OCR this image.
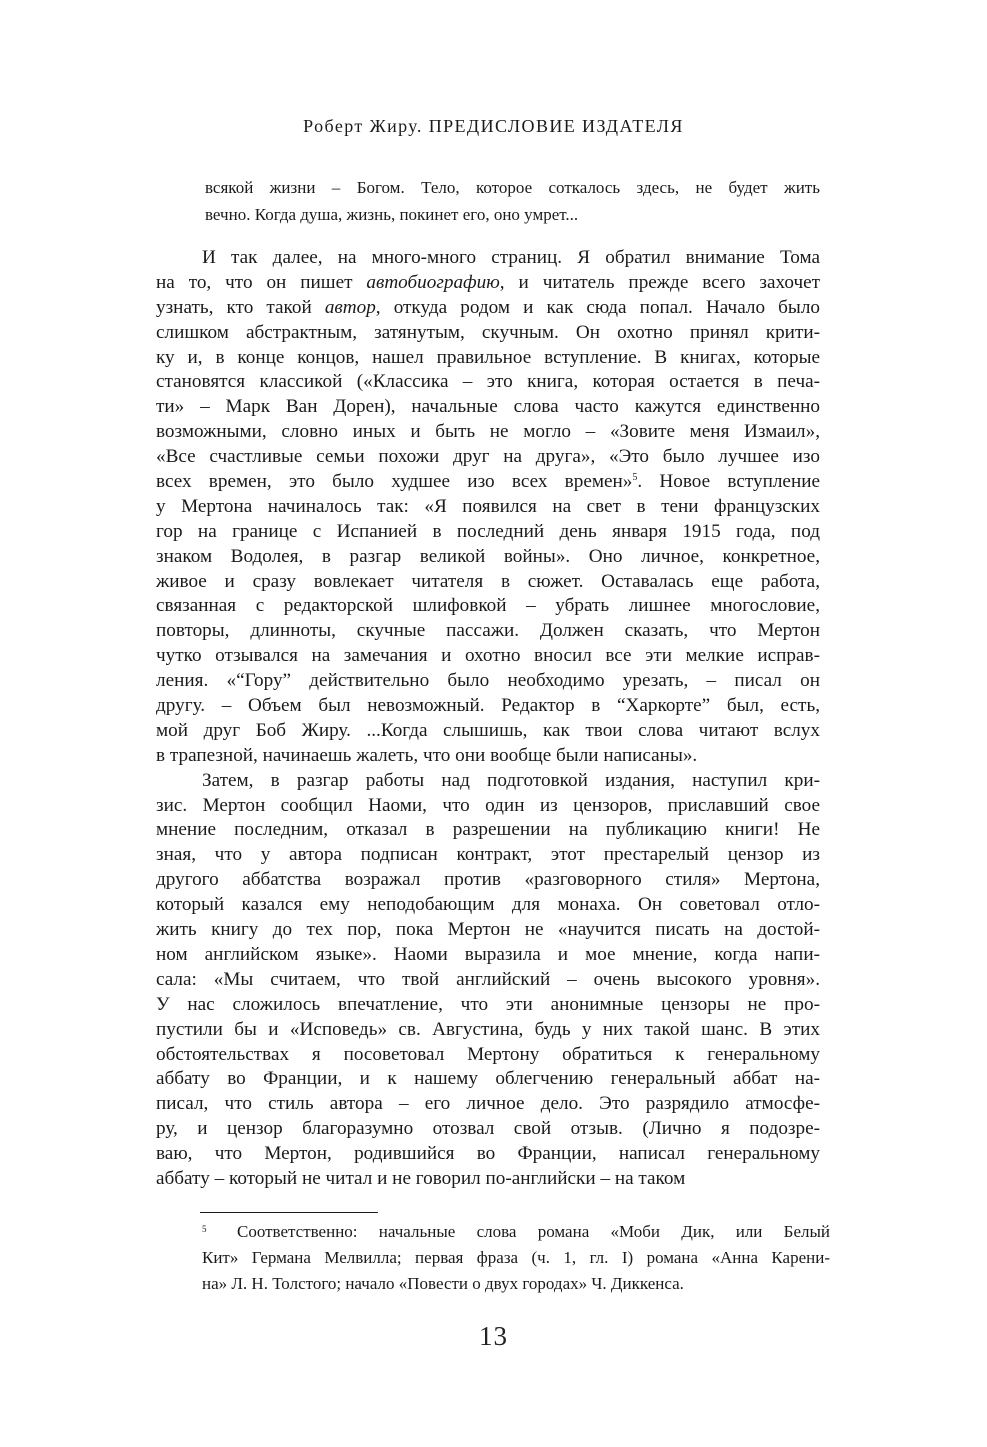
Роберт Жиру. ПРЕДИСЛОВИЕ ИЗДАТЕЛЯ
всякой жизни – Богом. Тело, которое соткалось здесь, не будет жить
вечно. Когда душа, жизнь, покинет его, оно умрет...
И так далее, на много-много страниц. Я обратил внимание Тома
на то, что он пишет автобиографию, и читатель прежде всего захочет
узнать, кто такой автор, откуда родом и как сюда попал. Начало было
слишком абстрактным, затянутым, скучным. Он охотно принял крити-
ку и, в конце концов, нашел правильное вступление. В книгах, которые
становятся классикой («Классика – это книга, которая остается в печа-
ти» – Марк Ван Дорен), начальные слова часто кажутся единственно
возможными, словно иных и быть не могло – «Зовите меня Измаил»,
«Все счастливые семьи похожи друг на друга», «Это было лучшее изо
всех времен, это было худшее изо всех времен»$^5$. Новое вступление
у Мертона начиналось так: «Я появился на свет в тени французских
гор на границе с Испанией в последний день января 1915 года, под
знаком Водолея, в разгар великой войны». Оно личное, конкретное,
живое и сразу вовлекает читателя в сюжет. Оставалась еще работа,
связанная с редакторской шлифовкой – убрать лишнее многословие,
повторы, длинноты, скучные пассажи. Должен сказать, что Мертон
чутко отзывался на замечания и охотно вносил все эти мелкие исправ-
ления. «“Гору” действительно было необходимо урезать, – писал он
другу. – Объем был невозможный. Редактор в “Харкорте” был, есть,
мой друг Боб Жиру. ...Когда слышишь, как твои слова читают вслух
в трапезной, начинаешь жалеть, что они вообще были написаны».
Затем, в разгар работы над подготовкой издания, наступил кри-
зис. Мертон сообщил Наоми, что один из цензоров, приславший свое
мнение последним, отказал в разрешении на публикацию книги! Не
зная, что у автора подписан контракт, этот престарелый цензор из
другого аббатства возражал против «разговорного стиля» Мертона,
который казался ему неподобающим для монаха. Он советовал отло-
жить книгу до тех пор, пока Мертон не «научится писать на достой-
ном английском языке». Наоми выразила и мое мнение, когда напи-
сала: «Мы считаем, что твой английский – очень высокого уровня».
У нас сложилось впечатление, что эти анонимные цензоры не про-
пустили бы и «Исповедь» св. Августина, будь у них такой шанс. В этих
обстоятельствах я посоветовал Мертону обратиться к генеральному
аббату во Франции, и к нашему облегчению генеральный аббат на-
писал, что стиль автора – его личное дело. Это разрядило атмосфе-
ру, и цензор благоразумно отозвал свой отзыв. (Лично я подозре-
ваю, что Мертон, родившийся во Франции, написал генеральному
аббату – который не читал и не говорил по-английски – на таком
5	Соответственно: начальные слова романа «Моби Дик, или Белый
Кит» Германа Мелвилла; первая фраза (ч. 1, гл. I) романа «Анна Карени-
на» Л. Н. Толстого; начало «Повести о двух городах» Ч. Диккенса.
13
